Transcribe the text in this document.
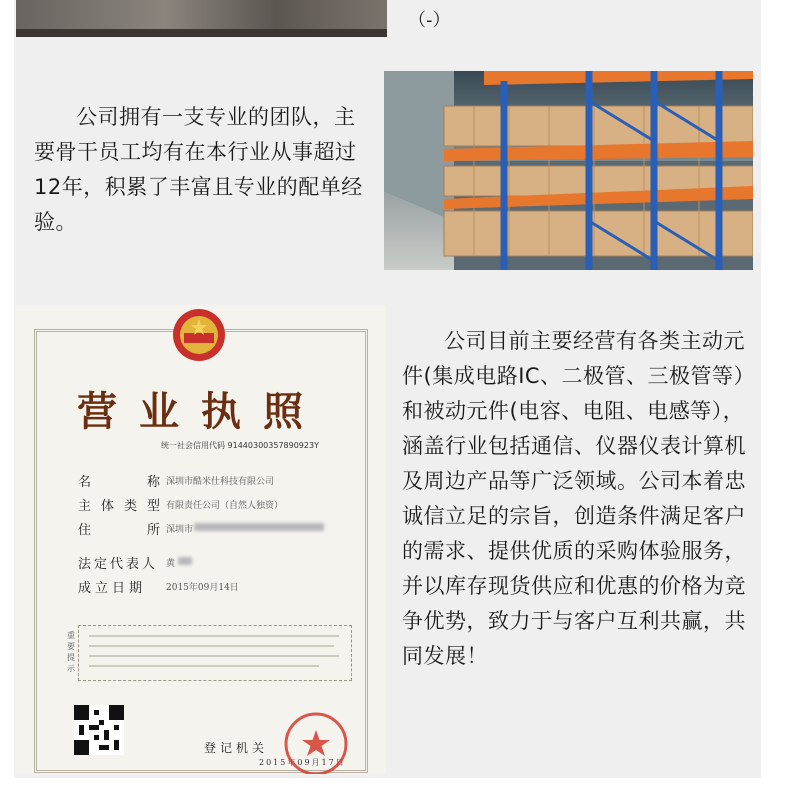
（-）

公司拥有一支专业的团队，主要骨干员工均有在本行业从事超过12年，积累了丰富且专业的配单经验。

营业执照
统一社会信用代码 91440300357890923Y
名　　称
深圳市酷米仕科技有限公司
主体类型
有限责任公司（自然人独资）
住　　所
深圳市
法定代表人 黄
成立日期 2015年09月14日
重要提示
登记机关
2015年09月17日

公司目前主要经营有各类主动元件(集成电路IC、二极管、三极管等）和被动元件(电容、电阻、电感等），涵盖行业包括通信、仪器仪表计算机及周边产品等广泛领域。公司本着忠诚信立足的宗旨，创造条件满足客户的需求、提供优质的采购体验服务，并以库存现货供应和优惠的价格为竞争优势，致力于与客户互利共赢，共同发展！
